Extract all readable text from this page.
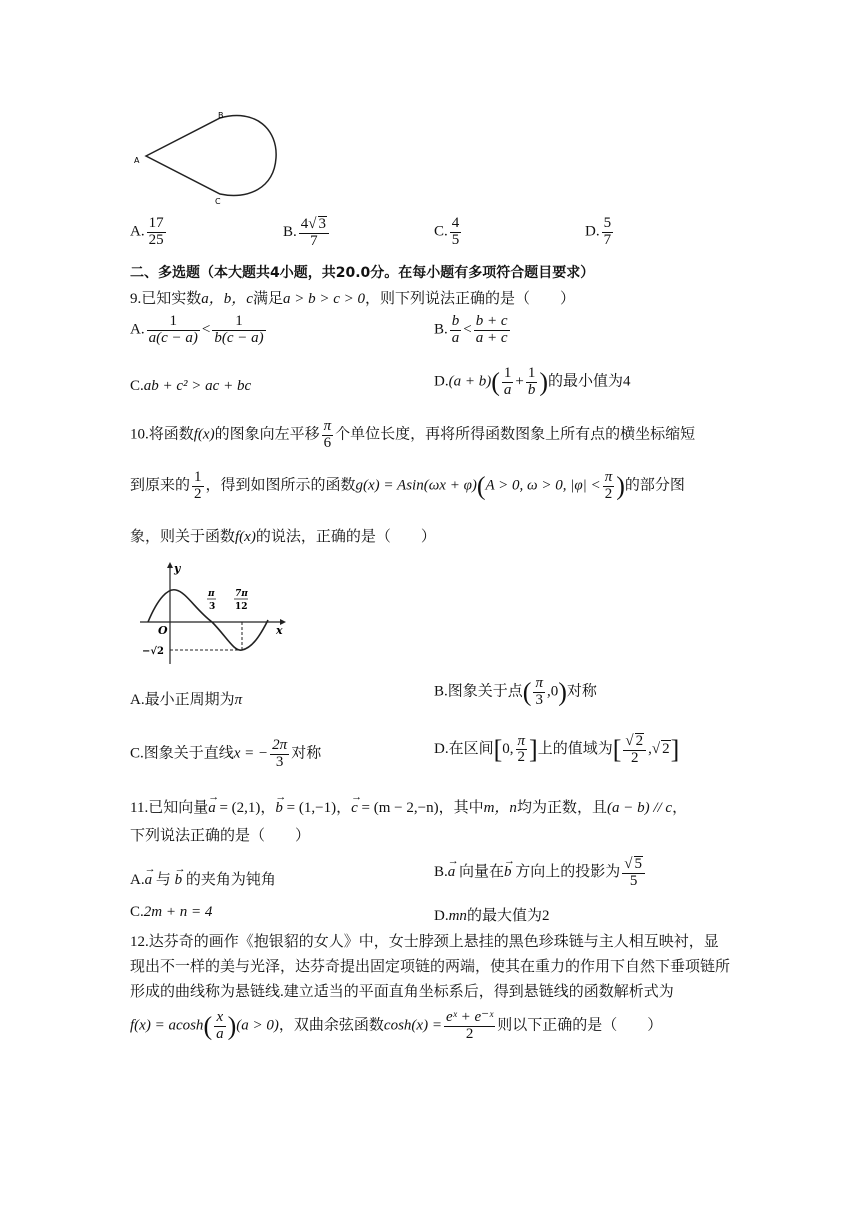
A
B
C
A. $\frac{17}{25}$	B. $\frac{4√ 3}{7}$	C. $\frac{4}{5}$	D. $\frac{5}{7}$
二、多选题（本大题共4小题，共20.0分。在每小题有多项符合题目要求）
9.已知实数a，b，c满足a > b > c > 0，则下列说法正确的是（　　）
A. $\frac{1}{a(c - a)} < \frac{1}{b(c - a)}$	B. $\frac{b}{a} < \frac{b + c}{a + c}$
C.ab + c² > ac + bc	$D.(a + b)( \frac{1}{a} + \frac{1}{b}$ )的最小值为4
10.将函数f(x)的图象向左平移 $\frac{\pi}{6}$ 个单位长度，再将所得函数图象上所有点的横坐标缩短
到原来的 $\frac{1}{2}$ ，得到如图所示的函数g(x) = Asin(ωx + φ)(A > 0, ω > 0, $|\varphi| < \frac{\pi}{2}$ )的部分图
象，则关于函数f(x)的说法，正确的是（　　）
y
x
O
π
3
7π
12
−√2
A.最小正周期为π
B.图象关于点( $\frac{\pi}{3} ,0$)对称
C.图象关于直线x = − $\frac{2\pi}{3}$ 对称	D.在区间[0, $\frac{\pi}{2}$ ]上的值域为[ $\frac{√ 2}{2}$ ,√ 2]
11.已知向量→ a = (2,1)，→ b = (1,−1)，→ c = (m − 2,−n)，其中m，n均为正数，且(a − b) // c，
下列说法正确的是（　　）
A.→ a 与 → b 的夹角为钝角	B.→ a 向量在→ b 方向上的投影为 $\frac{√ 5}{5}$
C.2m + n = 4	D.mn的最大值为2
12.达芬奇的画作《抱银貂的女人》中，女士脖颈上悬挂的黑色珍珠链与主人相互映衬，显
现出不一样的美与光泽，达芬奇提出固定项链的两端，使其在重力的作用下自然下垂项链所
形成的曲线称为悬链线.建立适当的平面直角坐标系后，得到悬链线的函数解析式为
$f(x) = acosh( \frac{x}{a} )(a > 0)$，双曲余弦函数$\cosh(x) = \frac{\text{eˣ + e⁻ˣ}}{2}$ 则以下正确的是（　　）
